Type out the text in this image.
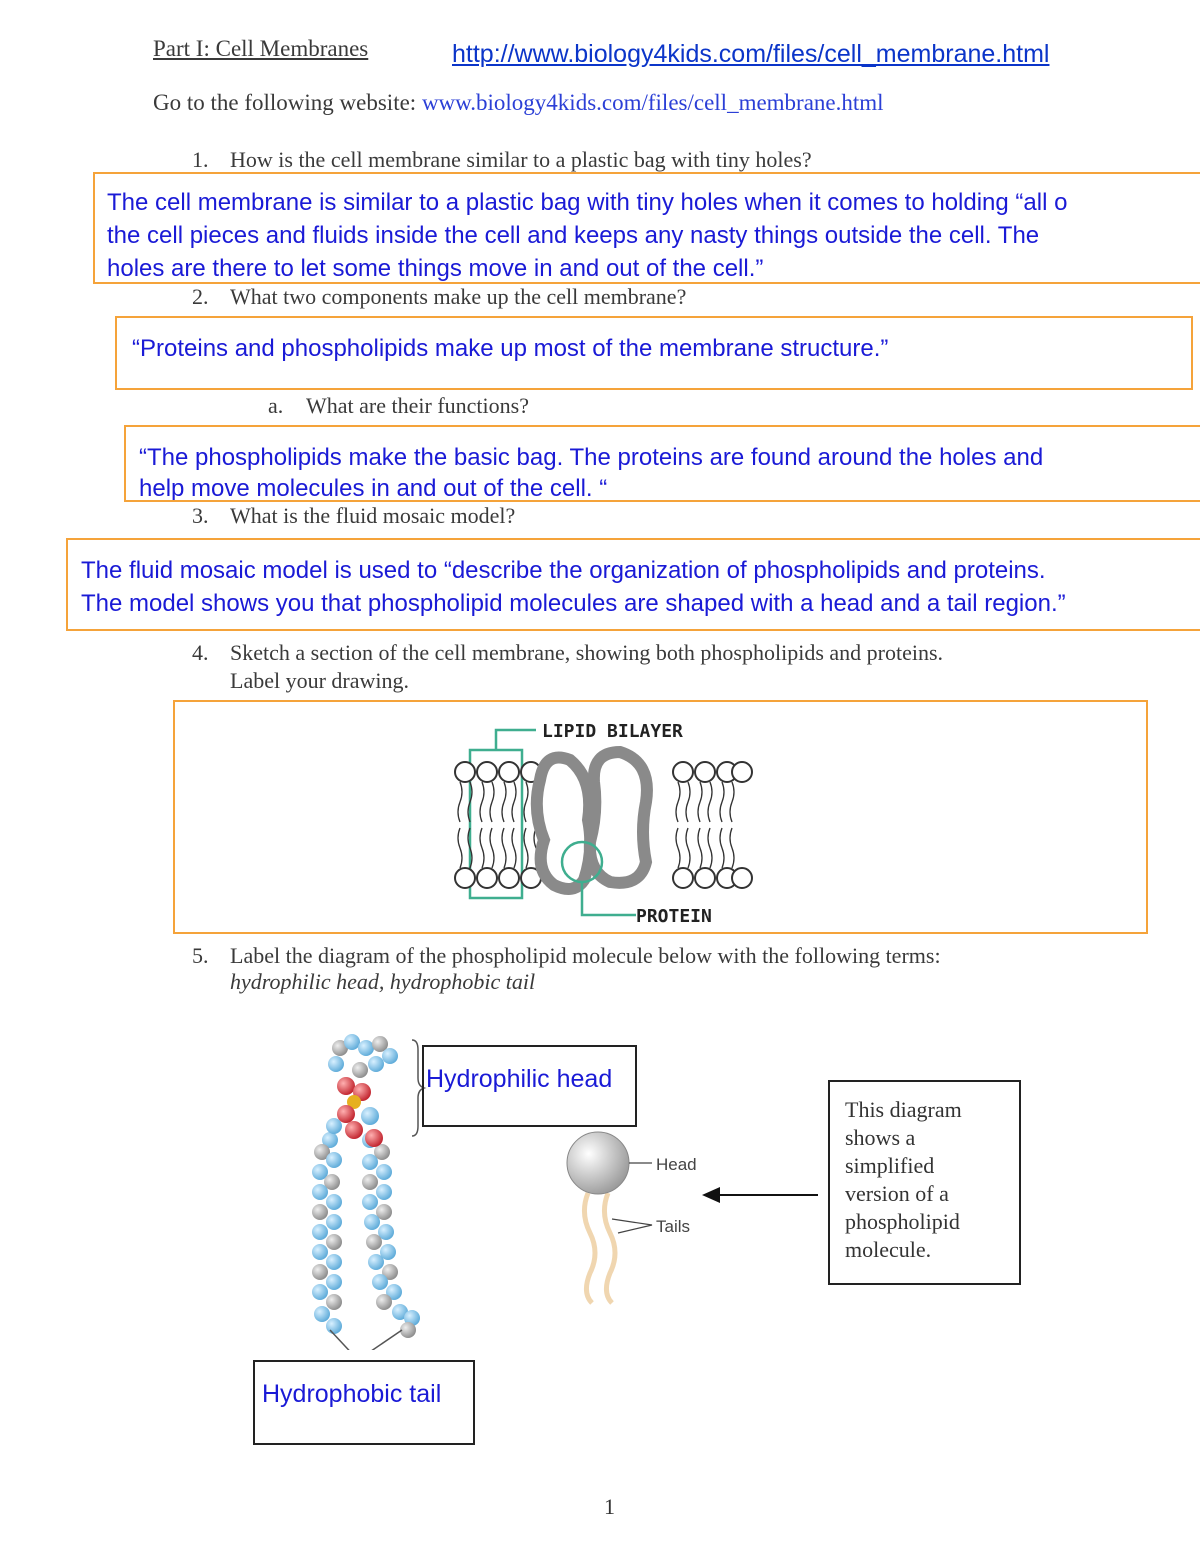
Part I: Cell Membranes	http://www.biology4kids.com/files/cell_membrane.html
Go to the following website: www.biology4kids.com/files/cell_membrane.html
1. How is the cell membrane similar to a plastic bag with tiny holes?

The cell membrane is similar to a plastic bag with tiny holes when it comes to holding “all o

the cell pieces and fluids inside the cell and keeps any nasty things outside the cell. The

holes are there to let some things move in and out of the cell.”

2. What two components make up the cell membrane?

“Proteins and phospholipids make up most of the membrane structure.”

a. What are their functions?

“The phospholipids make the basic bag. The proteins are found around the holes and

help move molecules in and out of the cell. “

3. What is the fluid mosaic model?

The fluid mosaic model is used to “describe the organization of phospholipids and proteins.

The model shows you that phospholipid molecules are shaped with a head and a tail region.”

4. Sketch a section of the cell membrane, showing both phospholipids and proteins.
Label your drawing.
LIPID BILAYER
PROTEIN
5. Label the diagram of the phospholipid molecule below with the following terms:
hydrophilic head, hydrophobic tail
Hydrophilic head
Hydrophobic tail
Head
Tails
This diagram
shows a
simplified
version of a
phospholipid
molecule.
1
